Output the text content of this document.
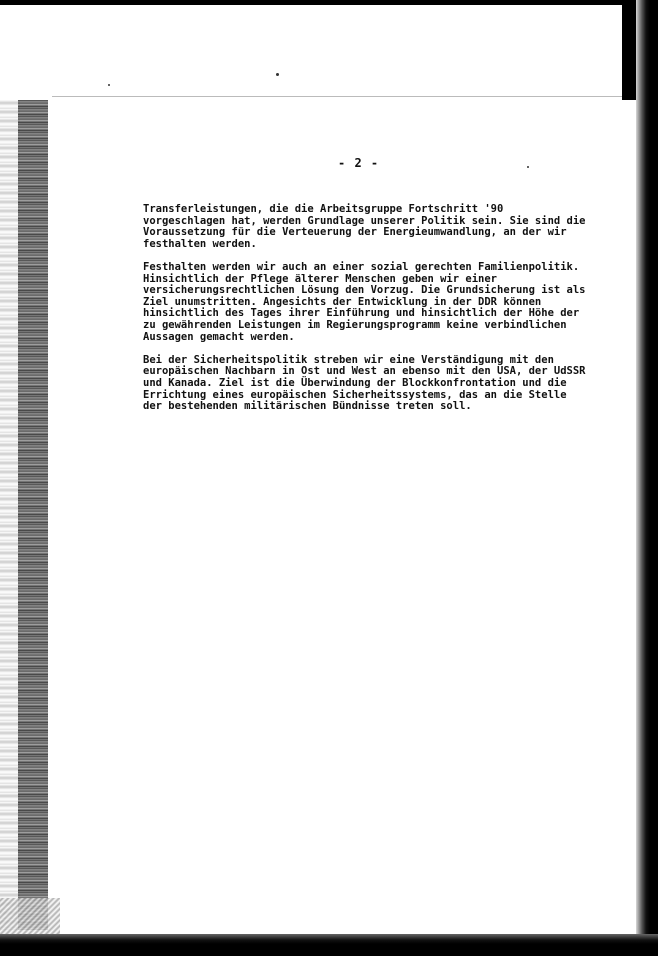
- 2 -
Transferleistungen, die die Arbeitsgruppe Fortschritt '90
vorgeschlagen hat, werden Grundlage unserer Politik sein. Sie sind die
Voraussetzung für die Verteuerung der Energieumwandlung, an der wir
festhalten werden.
Festhalten werden wir auch an einer sozial gerechten Familienpolitik.
Hinsichtlich der Pflege älterer Menschen geben wir einer
versicherungsrechtlichen Lösung den Vorzug. Die Grundsicherung ist als
Ziel unumstritten. Angesichts der Entwicklung in der DDR können
hinsichtlich des Tages ihrer Einführung und hinsichtlich der Höhe der
zu gewährenden Leistungen im Regierungsprogramm keine verbindlichen
Aussagen gemacht werden.
Bei der Sicherheitspolitik streben wir eine Verständigung mit den
europäischen Nachbarn in Ost und West an ebenso mit den USA, der UdSSR
und Kanada. Ziel ist die Überwindung der Blockkonfrontation und die
Errichtung eines europäischen Sicherheitssystems, das an die Stelle
der bestehenden militärischen Bündnisse treten soll.
